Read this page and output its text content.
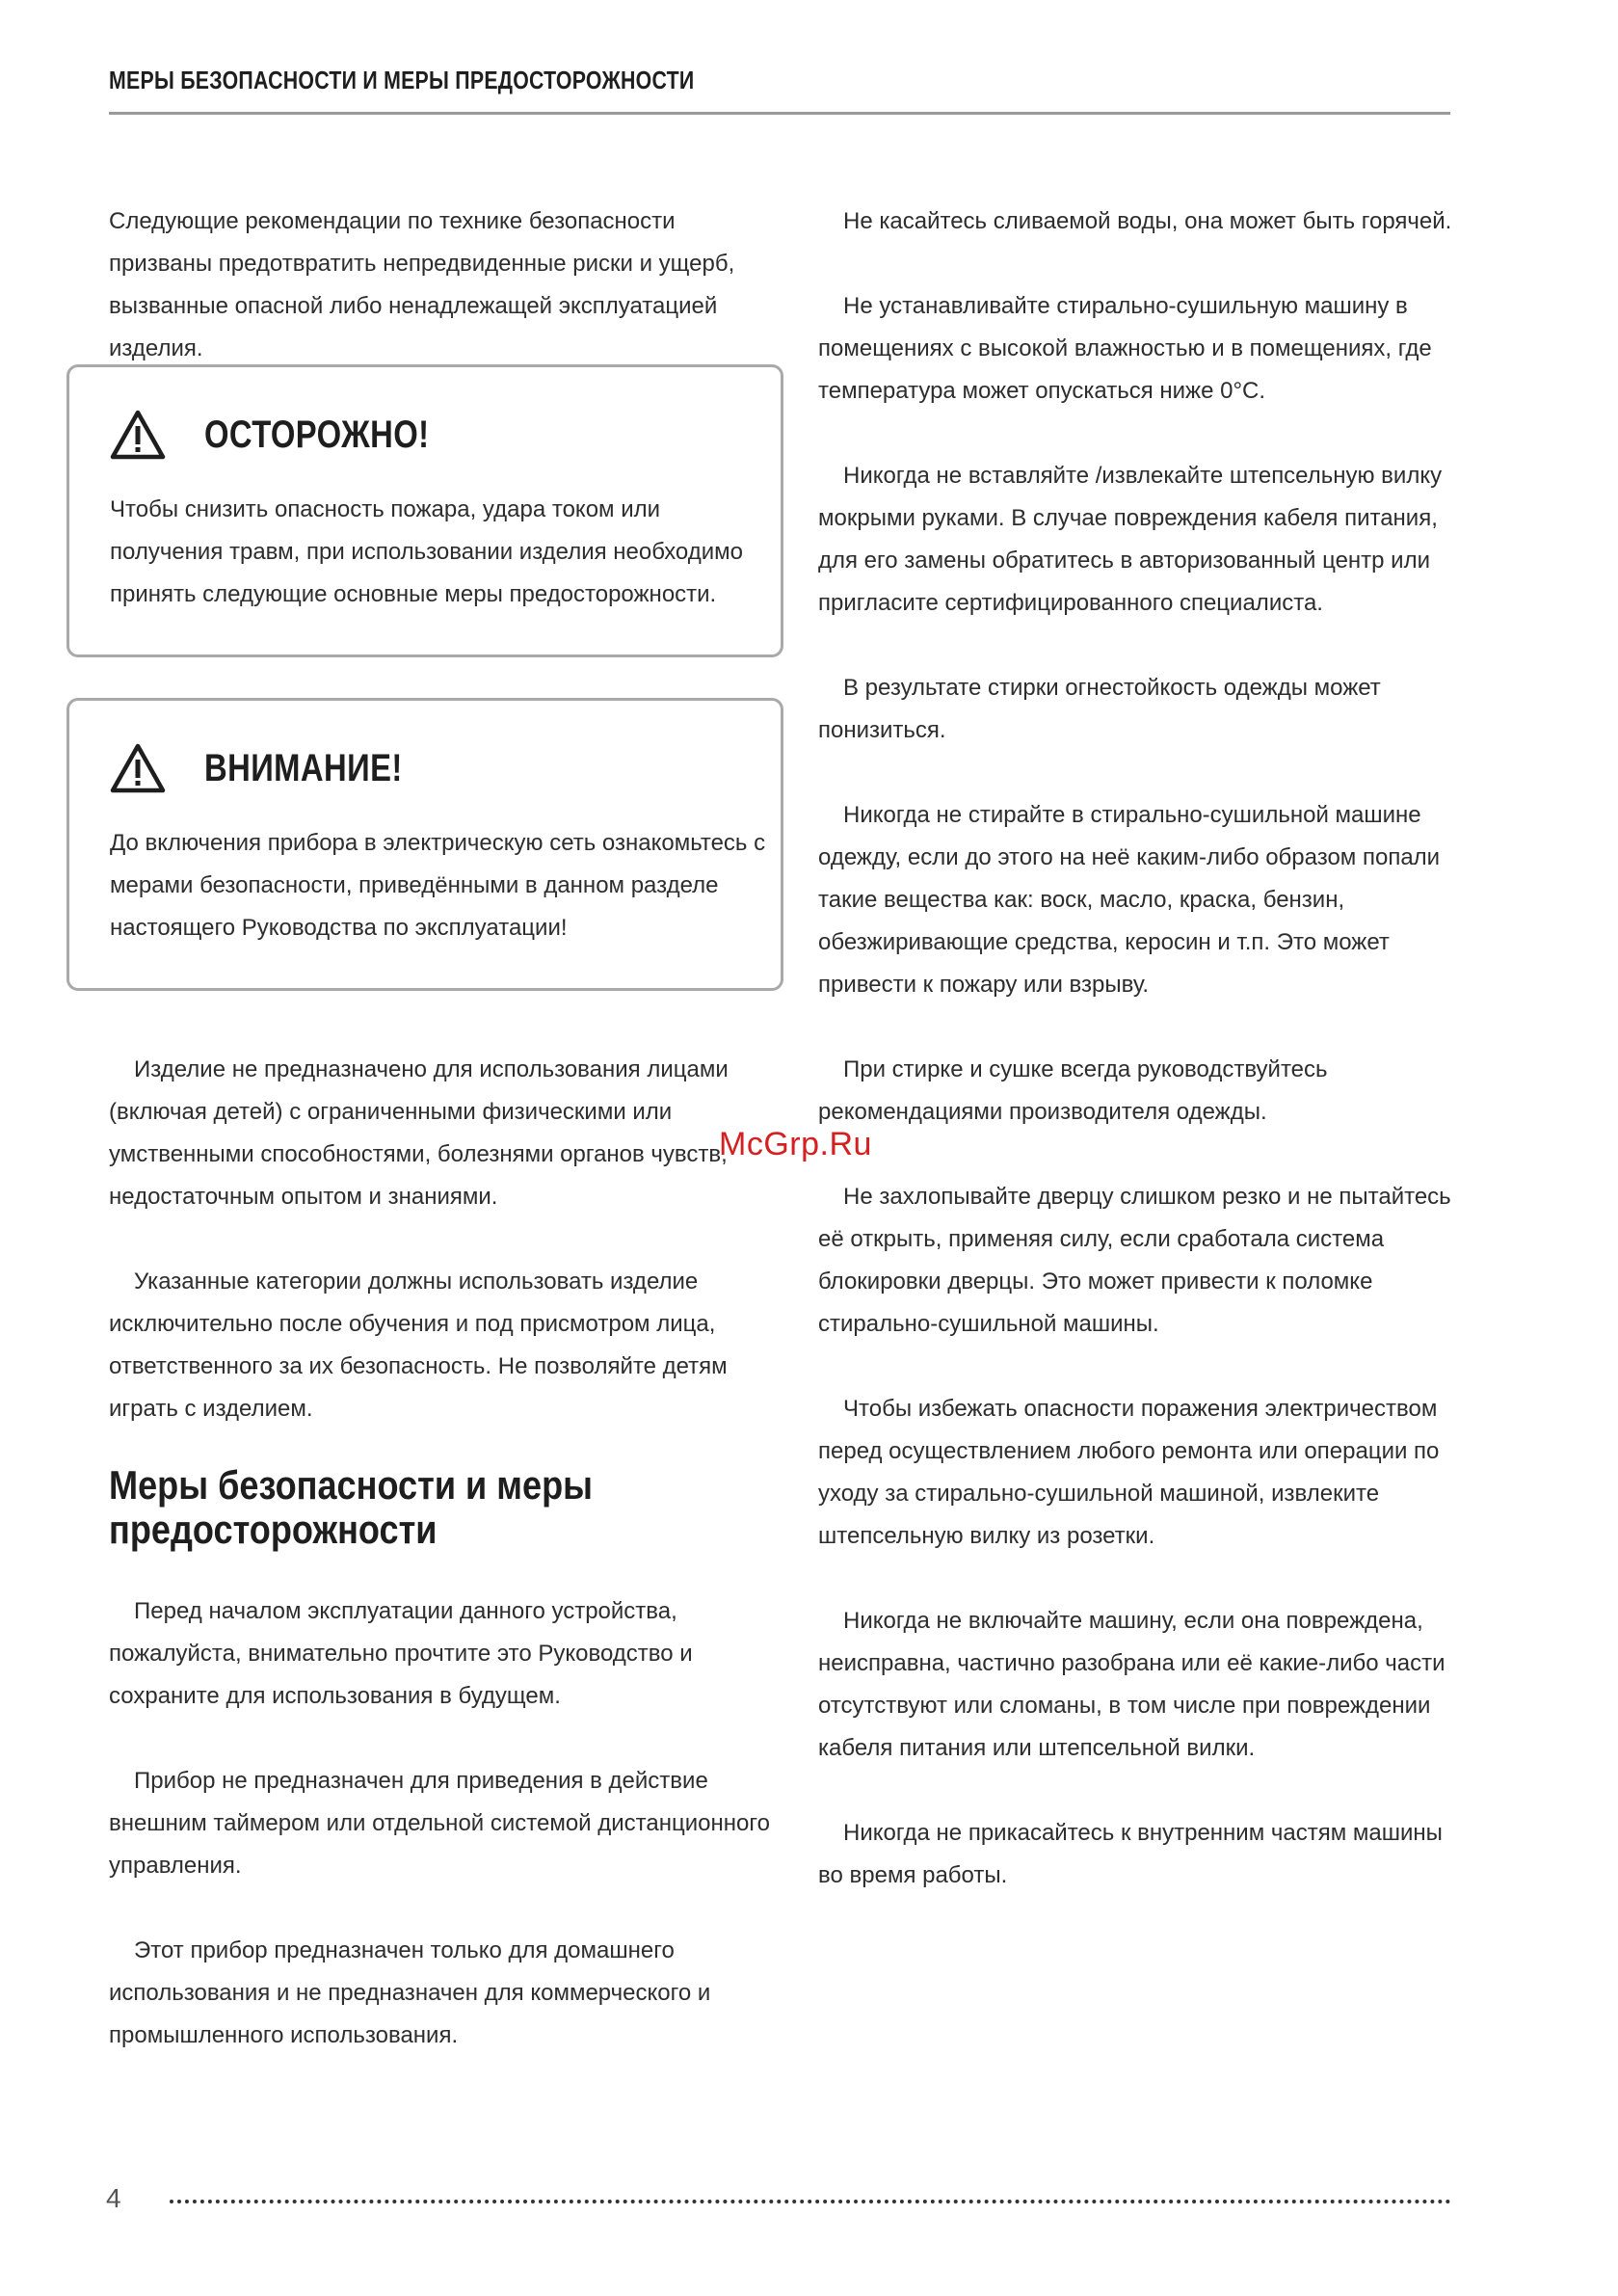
МЕРЫ БЕЗОПАСНОСТИ И МЕРЫ ПРЕДОСТОРОЖНОСТИ

Следующие рекомендации по технике безопасности призваны предотвратить непредвиденные риски и ущерб, вызванные опасной либо ненадлежащей эксплуатацией изделия.

ОСТОРОЖНО!

Чтобы снизить опасность пожара, удара током или получения травм, при использовании изделия необходимо принять следующие основные меры предосторожности.

ВНИМАНИЕ!

До включения прибора в электрическую сеть ознакомьтесь с мерами безопасности, приведёнными в данном разделе настоящего Руководства по эксплуатации!

Изделие не предназначено для использования лицами (включая детей) с ограниченными физическими или умственными способностями, болезнями органов чувств, недостаточным опытом и знаниями.

Указанные категории должны использовать изделие исключительно после обучения и под присмотром лица, ответственного за их безопасность. Не позволяйте детям играть с изделием.

Меры безопасности и меры предосторожности

Перед началом эксплуатации данного устройства, пожалуйста, внимательно прочтите это Руководство и сохраните для использования в будущем.

Прибор не предназначен для приведения в действие внешним таймером или отдельной системой дистанционного управления.

Этот прибор предназначен только для домашнего использования и не предназначен для коммерческого и промышленного использования.

Не касайтесь сливаемой воды, она может быть горячей.

Не устанавливайте стирально-сушильную машину в помещениях с высокой влажностью и в помещениях, где температура может опускаться ниже 0°С.

Никогда не вставляйте /извлекайте штепсельную вилку мокрыми руками. В случае повреждения кабеля питания, для его замены обратитесь в авторизованный центр или пригласите сертифицированного специалиста.

В результате стирки огнестойкость одежды может понизиться.

Никогда не стирайте в стирально-сушильной машине одежду, если до этого на неё каким-либо образом попали такие вещества как: воск, масло, краска, бензин, обезжиривающие средства, керосин и т.п. Это может привести к пожару или взрыву.

При стирке и сушке всегда руководствуйтесь рекомендациями производителя одежды.

Не захлопывайте дверцу слишком резко и не пытайтесь её открыть, применяя силу, если сработала система блокировки дверцы. Это может привести к поломке стирально-сушильной машины.

Чтобы избежать опасности поражения электричеством перед осуществлением любого ремонта или операции по уходу за стирально-сушильной машиной, извлеките штепсельную вилку из розетки.

Никогда не включайте машину, если она повреждена, неисправна, частично разобрана или её какие-либо части отсутствуют или сломаны, в том числе при повреждении кабеля питания или штепсельной вилки.

Никогда не прикасайтесь к внутренним частям машины во время работы.

McGrp.Ru
4
